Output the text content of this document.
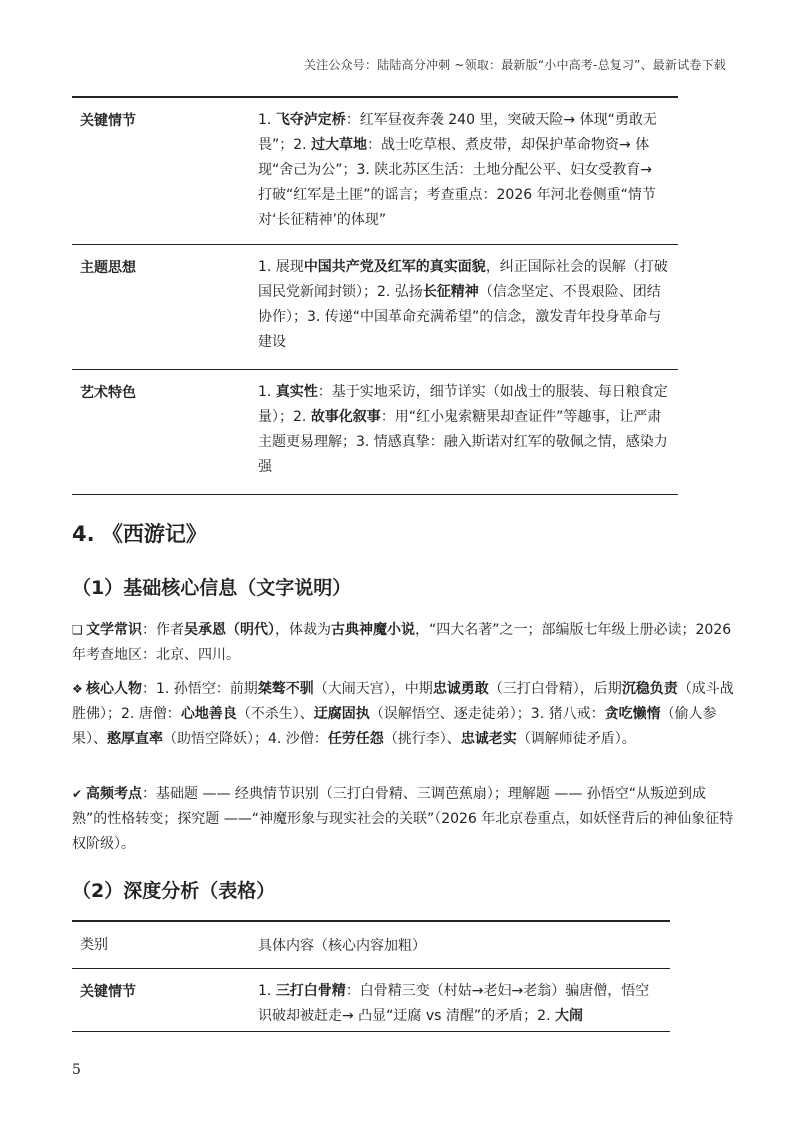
关注公众号：陆陆高分冲刺 ~领取：最新版“小中高考-总复习”、最新试卷下载
关键情节	1. 飞夺泸定桥：红军昼夜奔袭 240 里，突破天险→ 体现“勇敢无畏”；2. 过大草地：战士吃草根、煮皮带，却保护革命物资→ 体现“舍己为公”；3. 陕北苏区生活：土地分配公平、妇女受教育→ 打破“红军是土匪”的谣言；考查重点：2026 年河北卷侧重“情节对‘长征精神’的体现”
主题思想	1. 展现中国共产党及红军的真实面貌，纠正国际社会的误解（打破国民党新闻封锁）；2. 弘扬长征精神（信念坚定、不畏艰险、团结协作）；3. 传递“中国革命充满希望”的信念，激发青年投身革命与建设
艺术特色	1. 真实性：基于实地采访，细节详实（如战士的服装、每日粮食定量）；2. 故事化叙事：用“红小鬼索糖果却查证件”等趣事，让严肃主题更易理解；3. 情感真挚：融入斯诺对红军的敬佩之情，感染力强
4. 《西游记》
（1）基础核心信息（文字说明）
❑ 文学常识：作者吴承恩（明代），体裁为古典神魔小说，“四大名著”之一；部编版七年级上册必读；2026 年考查地区：北京、四川。
❖ 核心人物：1. 孙悟空：前期桀骜不驯（大闹天宫），中期忠诚勇敢（三打白骨精），后期沉稳负责（成斗战胜佛）；2. 唐僧：心地善良（不杀生）、迂腐固执（误解悟空、逐走徒弟）；3. 猪八戒：贪吃懒惰（偷人参果）、憨厚直率（助悟空降妖）；4. 沙僧：任劳任怨（挑行李）、忠诚老实（调解师徒矛盾）。
✔ 高频考点：基础题 —— 经典情节识别（三打白骨精、三调芭蕉扇）；理解题 —— 孙悟空“从叛逆到成熟”的性格转变；探究题 ——“神魔形象与现实社会的关联”（2026 年北京卷重点，如妖怪背后的神仙象征特权阶级）。
（2）深度分析（表格）
类别	具体内容（核心内容加粗）
关键情节	1. 三打白骨精：白骨精三变（村姑→老妇→老翁）骗唐僧，悟空识破却被赶走→ 凸显“迂腐 vs 清醒”的矛盾；2. 大闹
5
